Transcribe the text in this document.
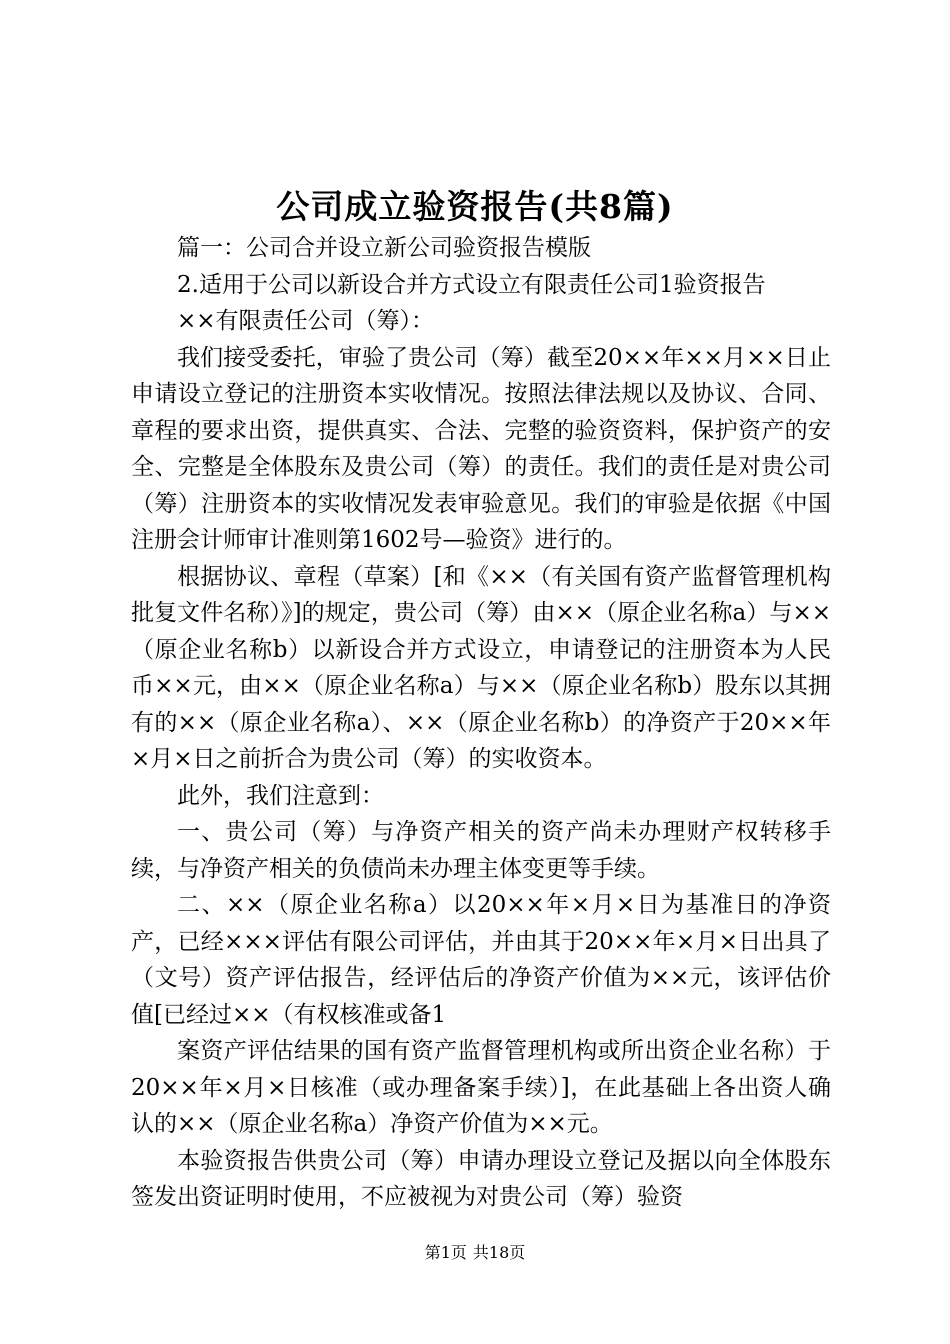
公司成立验资报告(共8篇)

篇一：公司合并设立新公司验资报告模版

2.适用于公司以新设合并方式设立有限责任公司1验资报告

××有限责任公司（筹）：

我们接受委托，审验了贵公司（筹）截至20××年××月××日止申请设立登记的注册资本实收情况。按照法律法规以及协议、合同、章程的要求出资，提供真实、合法、完整的验资资料，保护资产的安全、完整是全体股东及贵公司（筹）的责任。我们的责任是对贵公司（筹）注册资本的实收情况发表审验意见。我们的审验是依据《中国注册会计师审计准则第1602号—验资》进行的。

根据协议、章程（草案）[和《××（有关国有资产监督管理机构批复文件名称）》]的规定，贵公司（筹）由××（原企业名称a）与××（原企业名称b）以新设合并方式设立，申请登记的注册资本为人民币××元，由××（原企业名称a）与××（原企业名称b）股东以其拥有的××（原企业名称a）、××（原企业名称b）的净资产于20××年×月×日之前折合为贵公司（筹）的实收资本。

此外，我们注意到：

一、贵公司（筹）与净资产相关的资产尚未办理财产权转移手续，与净资产相关的负债尚未办理主体变更等手续。

二、××（原企业名称a）以20××年×月×日为基准日的净资产，已经×××评估有限公司评估，并由其于20××年×月×日出具了（文号）资产评估报告，经评估后的净资产价值为××元，该评估价值[已经过××（有权核准或备1

案资产评估结果的国有资产监督管理机构或所出资企业名称）于20××年×月×日核准（或办理备案手续）]，在此基础上各出资人确认的××（原企业名称a）净资产价值为××元。

本验资报告供贵公司（筹）申请办理设立登记及据以向全体股东签发出资证明时使用，不应被视为对贵公司（筹）验资

第1页 共18页
